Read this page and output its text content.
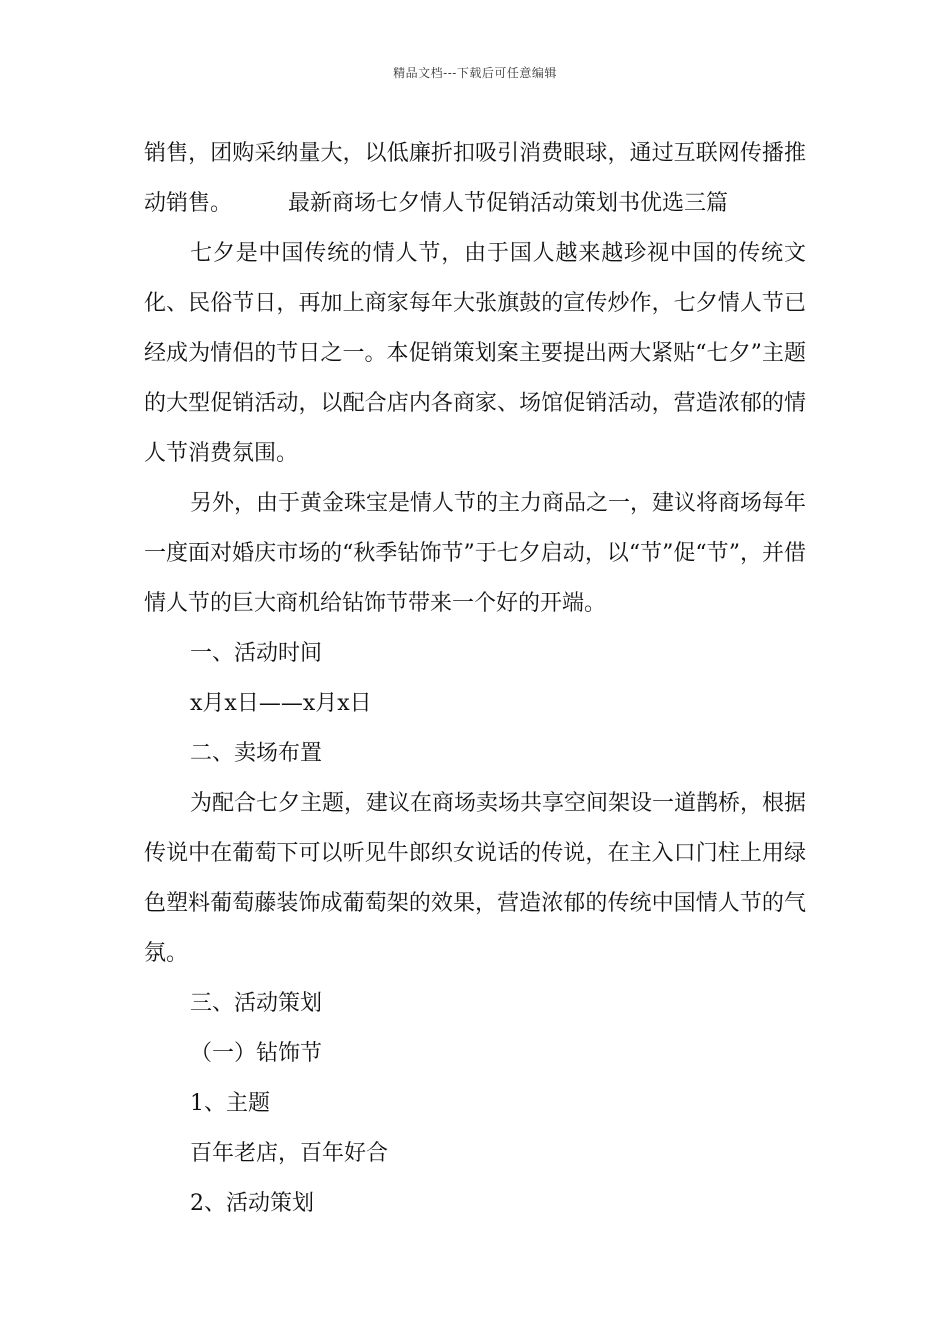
精品文档---下载后可任意编辑

销售，团购采纳量大，以低廉折扣吸引消费眼球，通过互联网传播推动销售。	最新商场七夕情人节促销活动策划书优选三篇

七夕是中国传统的情人节，由于国人越来越珍视中国的传统文化、民俗节日，再加上商家每年大张旗鼓的宣传炒作，七夕情人节已经成为情侣的节日之一。本促销策划案主要提出两大紧贴“七夕”主题的大型促销活动，以配合店内各商家、场馆促销活动，营造浓郁的情人节消费氛围。

另外，由于黄金珠宝是情人节的主力商品之一，建议将商场每年一度面对婚庆市场的“秋季钻饰节”于七夕启动，以“节”促“节”，并借情人节的巨大商机给钻饰节带来一个好的开端。

一、活动时间

x月x日——x月x日

二、卖场布置

为配合七夕主题，建议在商场卖场共享空间架设一道鹊桥，根据传说中在葡萄下可以听见牛郎织女说话的传说，在主入口门柱上用绿色塑料葡萄藤装饰成葡萄架的效果，营造浓郁的传统中国情人节的气氛。

三、活动策划

（一）钻饰节

1、主题

百年老店，百年好合

2、活动策划
